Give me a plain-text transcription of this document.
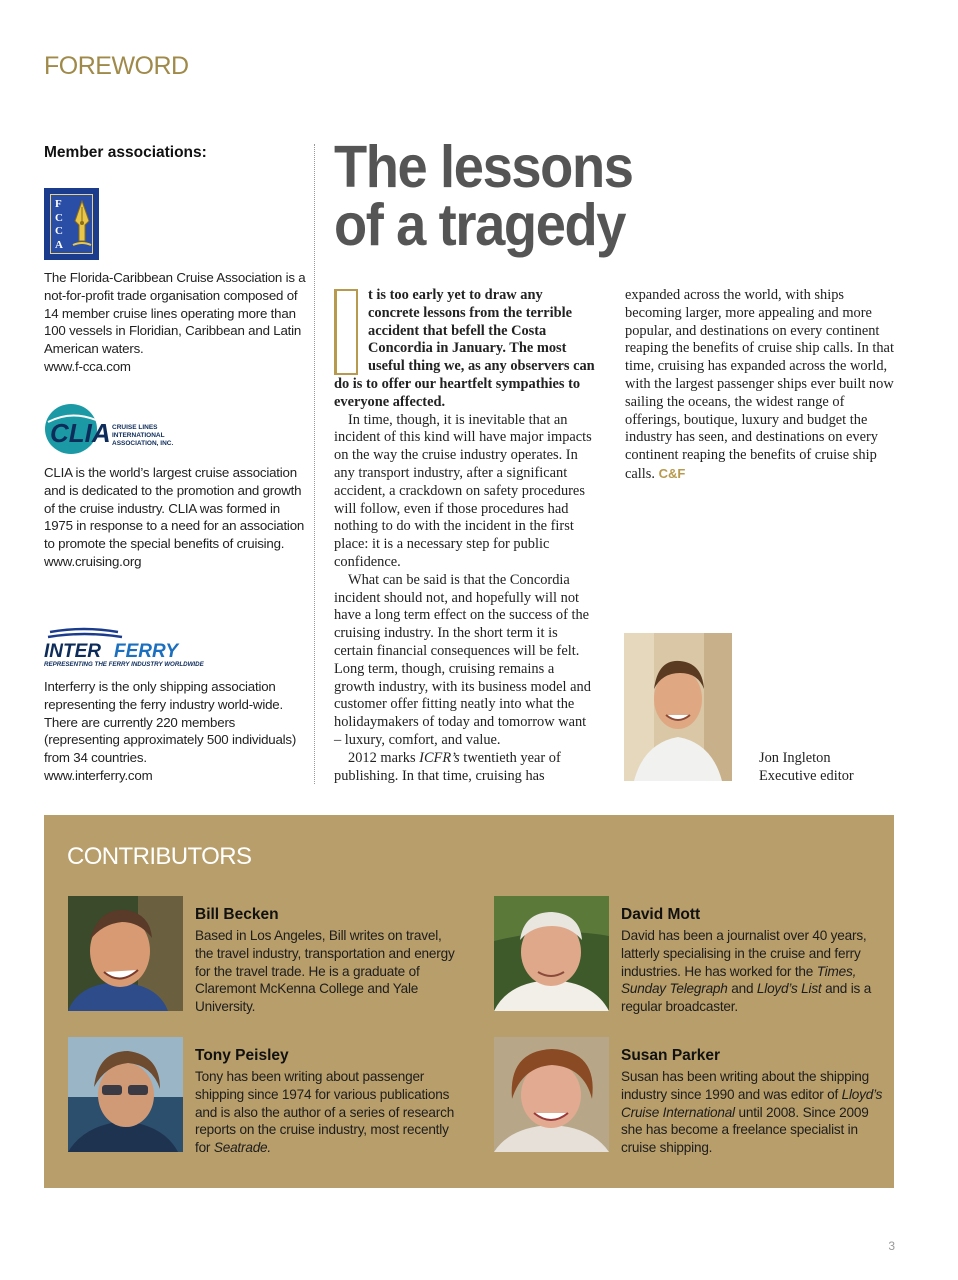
FOREWORD
Member associations:
F
C
C
A
The Florida-Caribbean Cruise Association is a not-for-profit trade organisation composed of 14 member cruise lines operating more than 100 vessels in Floridian, Caribbean and Latin American waters.
www.f-cca.com
CLIA CRUISE LINES
INTERNATIONAL
ASSOCIATION, INC.
CLIA is the world’s largest cruise association and is dedicated to the promotion and growth of the cruise industry. CLIA was formed in 1975 in response to a need for an association to promote the special benefits of cruising.
www.cruising.org
INTER FERRY
REPRESENTING THE FERRY INDUSTRY WORLDWIDE
Interferry is the only shipping association representing the ferry industry world-wide. There are currently 220 members (representing approximately 500 individuals) from 34 countries.
www.interferry.com
The lessons
of a tragedy

t is too early yet to draw any concrete lessons from the terrible accident that befell the Costa Concordia in January. The most useful thing we, as any observers can do is to offer our heartfelt sympathies to everyone affected.

In time, though, it is inevitable that an incident of this kind will have major impacts on the way the cruise industry operates. In any transport industry, after a significant accident, a crackdown on safety procedures will follow, even if those procedures had nothing to do with the incident in the first place: it is a necessary step for public confidence.

What can be said is that the Concordia incident should not, and hopefully will not have a long term effect on the success of the cruising industry. In the short term it is certain financial consequences will be felt. Long term, though, cruising remains a growth industry, with its business model and customer offer fitting neatly into what the holidaymakers of today and tomorrow want – luxury, comfort, and value.

2012 marks ICFR’s twentieth year of publishing. In that time, cruising has

expanded across the world, with ships becoming larger, more appealing and more popular, and destinations on every continent reaping the benefits of cruise ship calls. In that time, cruising has expanded across the world, with the largest passenger ships ever built now sailing the oceans, the widest range of offerings, boutique, luxury and budget the industry has seen, and destinations on every continent reaping the benefits of cruise ship calls. C&F

Jon Ingleton
Executive editor
CONTRIBUTORS
Bill Becken
Based in Los Angeles, Bill writes on travel, the travel industry, transportation and energy for the travel trade. He is a graduate of Claremont McKenna College and Yale University.
David Mott
David has been a journalist over 40 years, latterly specialising in the cruise and ferry industries. He has worked for the Times, Sunday Telegraph and Lloyd’s List and is a regular broadcaster.
Tony Peisley
Tony has been writing about passenger shipping since 1974 for various publications and is also the author of a series of research reports on the cruise industry, most recently for Seatrade.
Susan Parker
Susan has been writing about the shipping industry since 1990 and was editor of Lloyd’s Cruise International until 2008. Since 2009 she has become a freelance specialist in cruise shipping.
3
